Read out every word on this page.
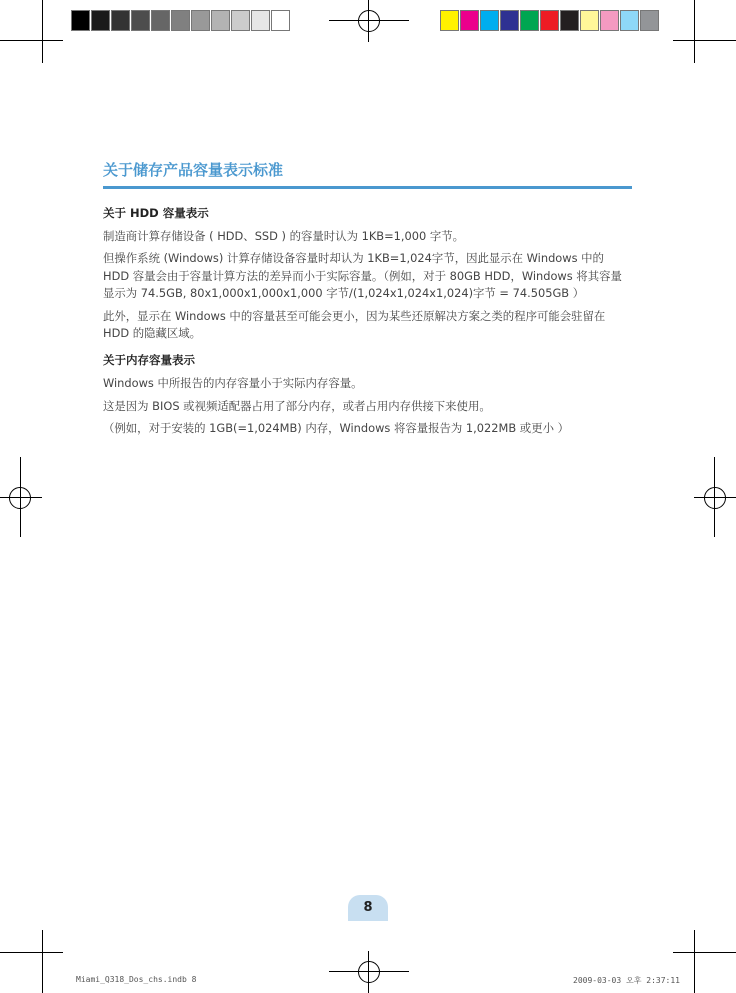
关于储存产品容量表示标准
关于 HDD 容量表示

制造商计算存储设备 ( HDD、SSD ) 的容量时认为 1KB=1,000 字节。

但操作系统 (Windows) 计算存储设备容量时却认为 1KB=1,024字节，因此显示在 Windows 中的 HDD 容量会由于容量计算方法的差异而小于实际容量。（例如，对于 80GB HDD，Windows 将其容量显示为 74.5GB, 80x1,000x1,000x1,000 字节/(1,024x1,024x1,024)字节 = 74.505GB ）

此外，显示在 Windows 中的容量甚至可能会更小，因为某些还原解决方案之类的程序可能会驻留在 HDD 的隐藏区域。

关于内存容量表示

Windows 中所报告的内存容量小于实际内存容量。

这是因为 BIOS 或视频适配器占用了部分内存，或者占用内存供接下来使用。

（例如，对于安装的 1GB(=1,024MB) 内存，Windows 将容量报告为 1,022MB 或更小 ）

8
Miami_Q318_Dos_chs.indb 8	2009-03-03 오후 2:37:11
